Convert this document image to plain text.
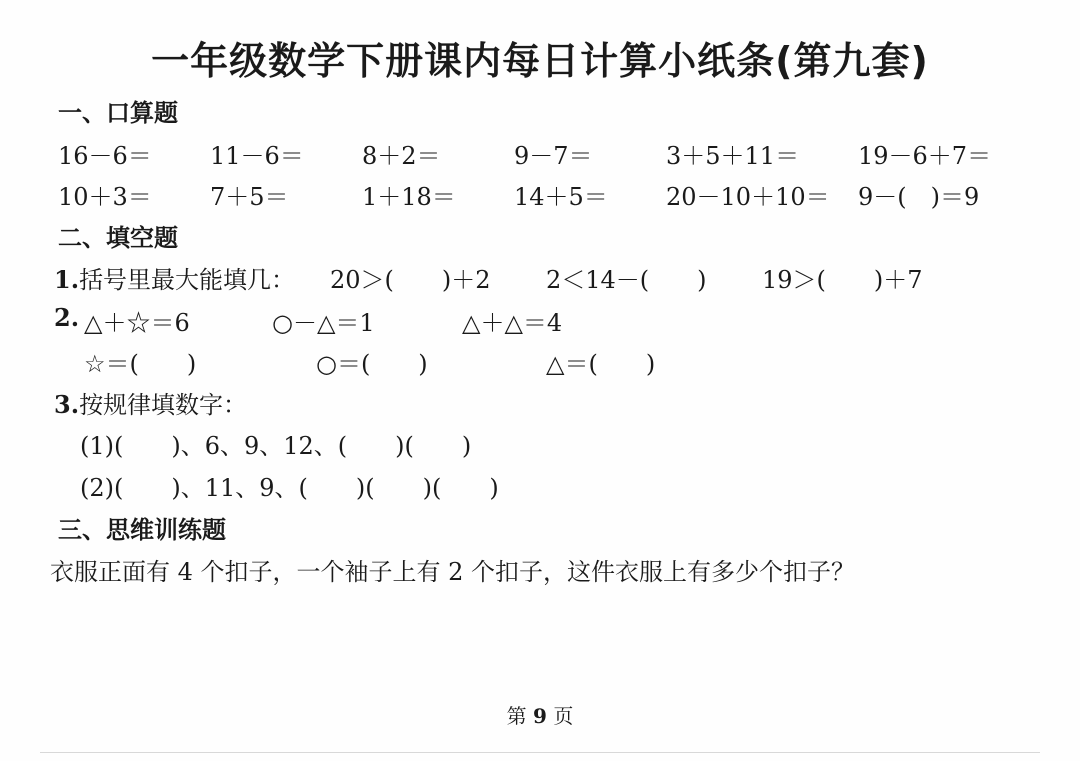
一年级数学下册课内每日计算小纸条(第九套)
一、口算题
16－6＝ 11－6＝ 8＋2＝	9－7＝	3＋5＋11＝ 19－6＋7＝
10＋3＝ 7＋5＝	1＋18＝ 14＋5＝ 20－10＋10＝ 9－(　)＝9
二、填空题
1.括号里最大能填几： 20＞(　　)＋2 2＜14－(　　) 19＞(　　)＋7
2. △＋☆＝6	○－△＝1	△＋△＝4
☆＝(　　)	○＝(　　)	△＝(　　)
3.按规律填数字：
(1)(　　)、6、9、12、(　　)(　　)
(2)(　　)、11、9、(　　)(　　)(　　)
三、思维训练题
衣服正面有 4 个扣子，一个袖子上有 2 个扣子，这件衣服上有多少个扣子？
第 9 页
